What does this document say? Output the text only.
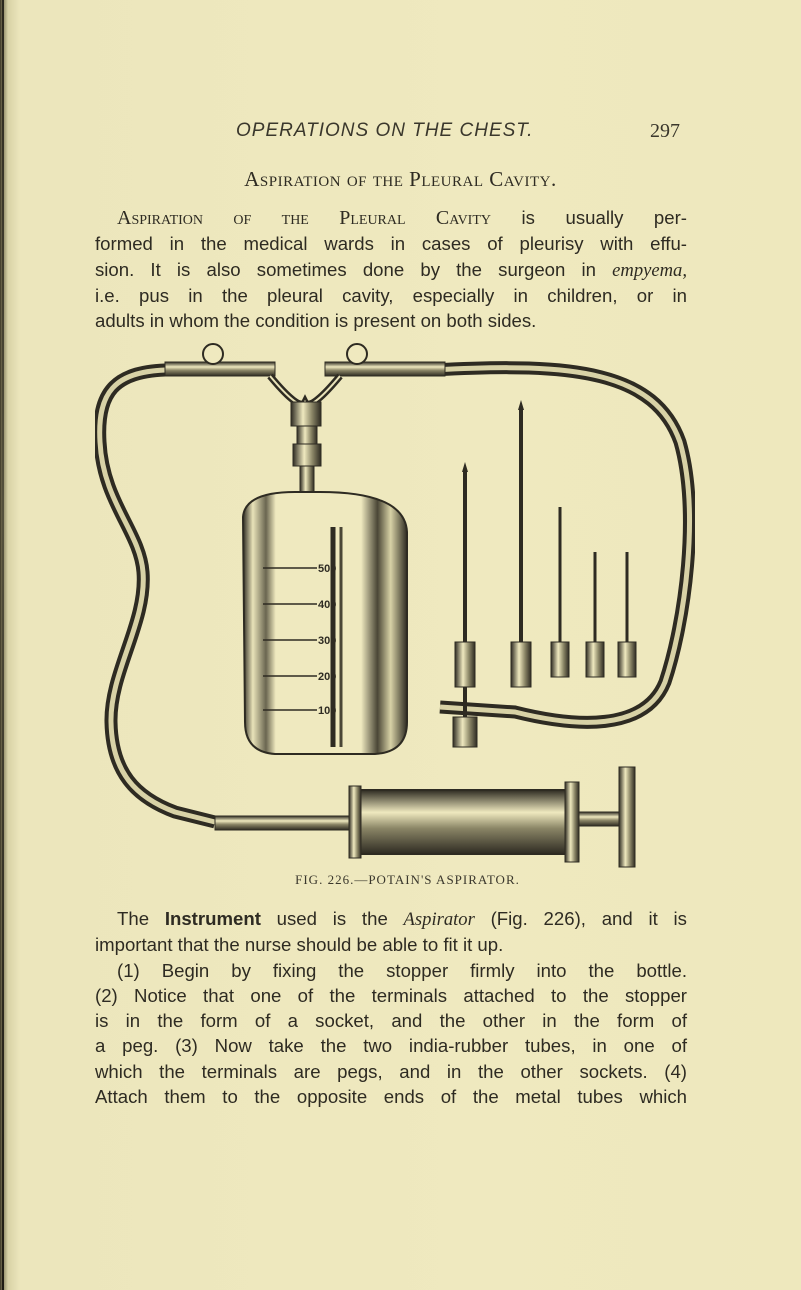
OPERATIONS ON THE CHEST.	297
Aspiration of the Pleural Cavity.
Aspiration of the Pleural Cavity is usually per-
formed in the medical wards in cases of pleurisy with effu-
sion. It is also sometimes done by the surgeon in empyema,
i.e. pus in the pleural cavity, especially in children, or in
adults in whom the condition is present on both sides.
500
400
300
200
100
FIG. 226.—POTAIN'S ASPIRATOR.
The Instrument used is the Aspirator (Fig. 226), and it is
important that the nurse should be able to fit it up.
(1) Begin by fixing the stopper firmly into the bottle.
(2) Notice that one of the terminals attached to the stopper
is in the form of a socket, and the other in the form of
a peg. (3) Now take the two india-rubber tubes, in one of
which the terminals are pegs, and in the other sockets. (4)
Attach them to the opposite ends of the metal tubes which
